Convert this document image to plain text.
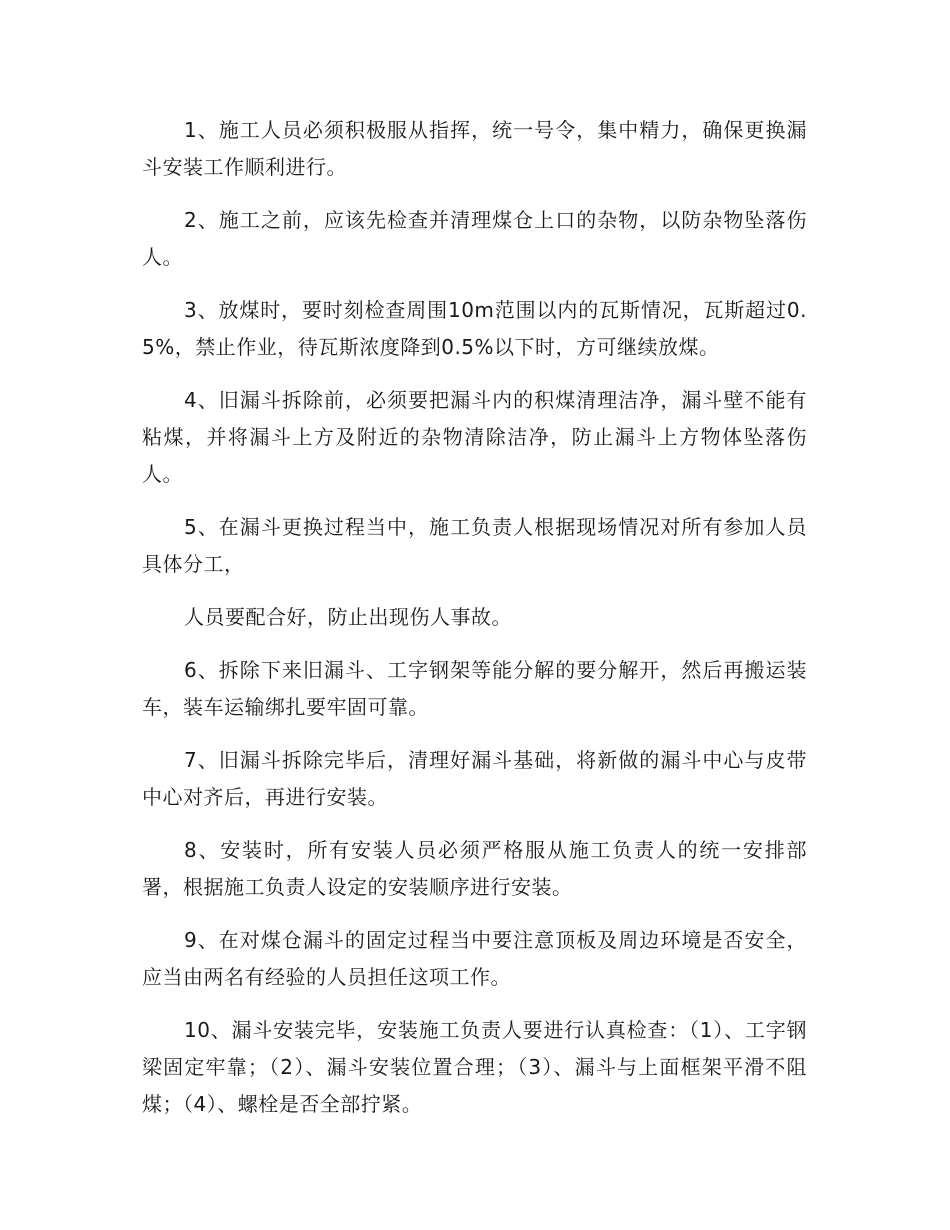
1、施工人员必须积极服从指挥，统一号令，集中精力，确保更换漏斗安装工作顺利进行。

2、施工之前，应该先检查并清理煤仓上口的杂物，以防杂物坠落伤人。

3、放煤时，要时刻检查周围10m范围以内的瓦斯情况，瓦斯超过0.5%，禁止作业，待瓦斯浓度降到0.5%以下时，方可继续放煤。

4、旧漏斗拆除前，必须要把漏斗内的积煤清理洁净，漏斗壁不能有粘煤，并将漏斗上方及附近的杂物清除洁净，防止漏斗上方物体坠落伤人。

5、在漏斗更换过程当中，施工负责人根据现场情况对所有参加人员具体分工，

人员要配合好，防止出现伤人事故。

6、拆除下来旧漏斗、工字钢架等能分解的要分解开，然后再搬运装车，装车运输绑扎要牢固可靠。

7、旧漏斗拆除完毕后，清理好漏斗基础，将新做的漏斗中心与皮带中心对齐后，再进行安装。

8、安装时，所有安装人员必须严格服从施工负责人的统一安排部署，根据施工负责人设定的安装顺序进行安装。

9、在对煤仓漏斗的固定过程当中要注意顶板及周边环境是否安全，应当由两名有经验的人员担任这项工作。

10、漏斗安装完毕，安装施工负责人要进行认真检查：（1）、工字钢梁固定牢靠；（2）、漏斗安装位置合理；（3）、漏斗与上面框架平滑不阻煤；（4）、螺栓是否全部拧紧。
